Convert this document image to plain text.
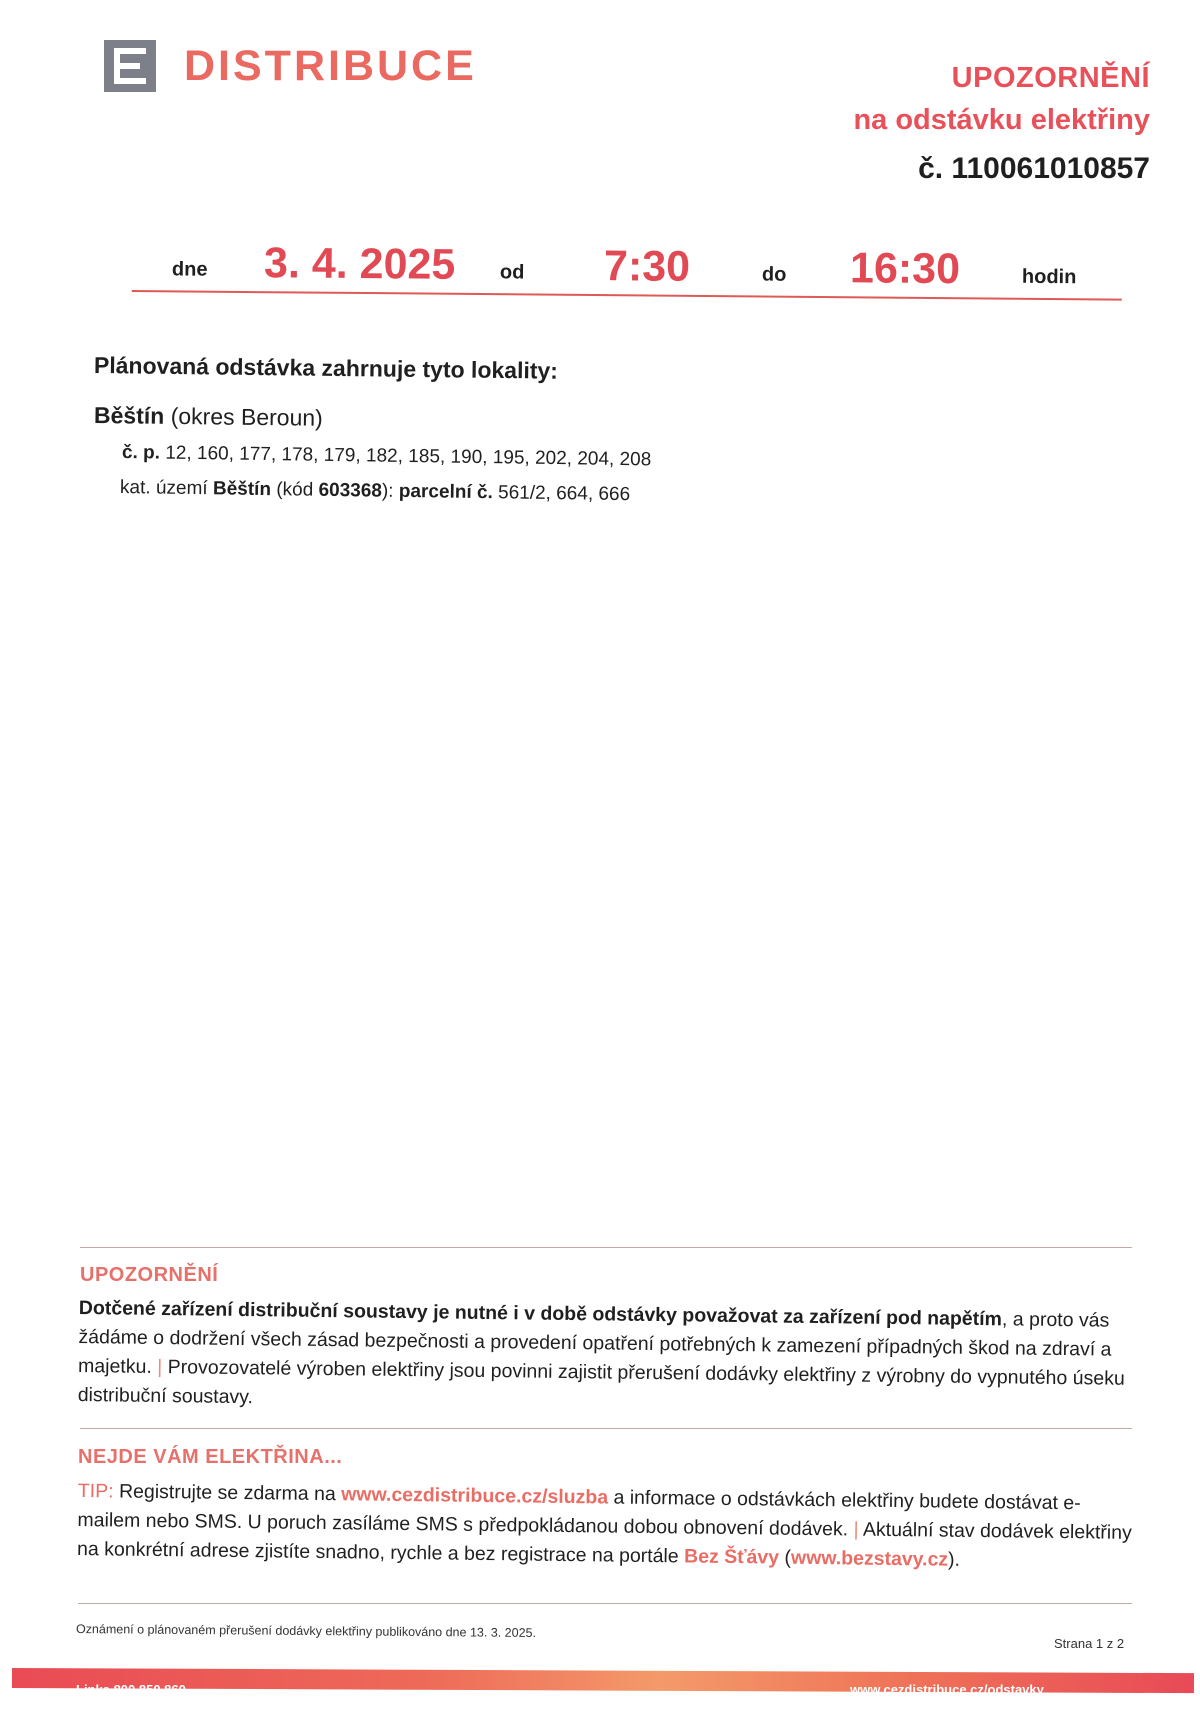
DISTRIBUCE	UPOZORNĚNÍ
na odstávku elektřiny
č. 110061010857
dne 3. 4. 2025 od 7:30	do 16:30	hodin
Plánovaná odstávka zahrnuje tyto lokality:
Běštín (okres Beroun)
č. p. 12, 160, 177, 178, 179, 182, 185, 190, 195, 202, 204, 208
kat. území Běštín (kód 603368): parcelní č. 561/2, 664, 666
UPOZORNĚNÍ
Dotčené zařízení distribuční soustavy je nutné i v době odstávky považovat za zařízení pod napětím, a proto vás žádáme o dodržení všech zásad bezpečnosti a provedení opatření potřebných k zamezení případných škod na zdraví a majetku. | Provozovatelé výroben elektřiny jsou povinni zajistit přerušení dodávky elektřiny z výrobny do vypnutého úseku distribuční soustavy.
NEJDE VÁM ELEKTŘINA...
TIP: Registrujte se zdarma na www.cezdistribuce.cz/sluzba a informace o odstávkách elektřiny budete dostávat e-mailem nebo SMS. U poruch zasíláme SMS s předpokládanou dobou obnovení dodávek. | Aktuální stav dodávek elektřiny na konkrétní adrese zjistíte snadno, rychle a bez registrace na portále Bez Šťávy (www.bezstavy.cz).
Oznámení o plánovaném přerušení dodávky elektřiny publikováno dne 13. 3. 2025.
Strana 1 z 2
Linka 800 850 860	www.cezdistribuce.cz/odstavky
